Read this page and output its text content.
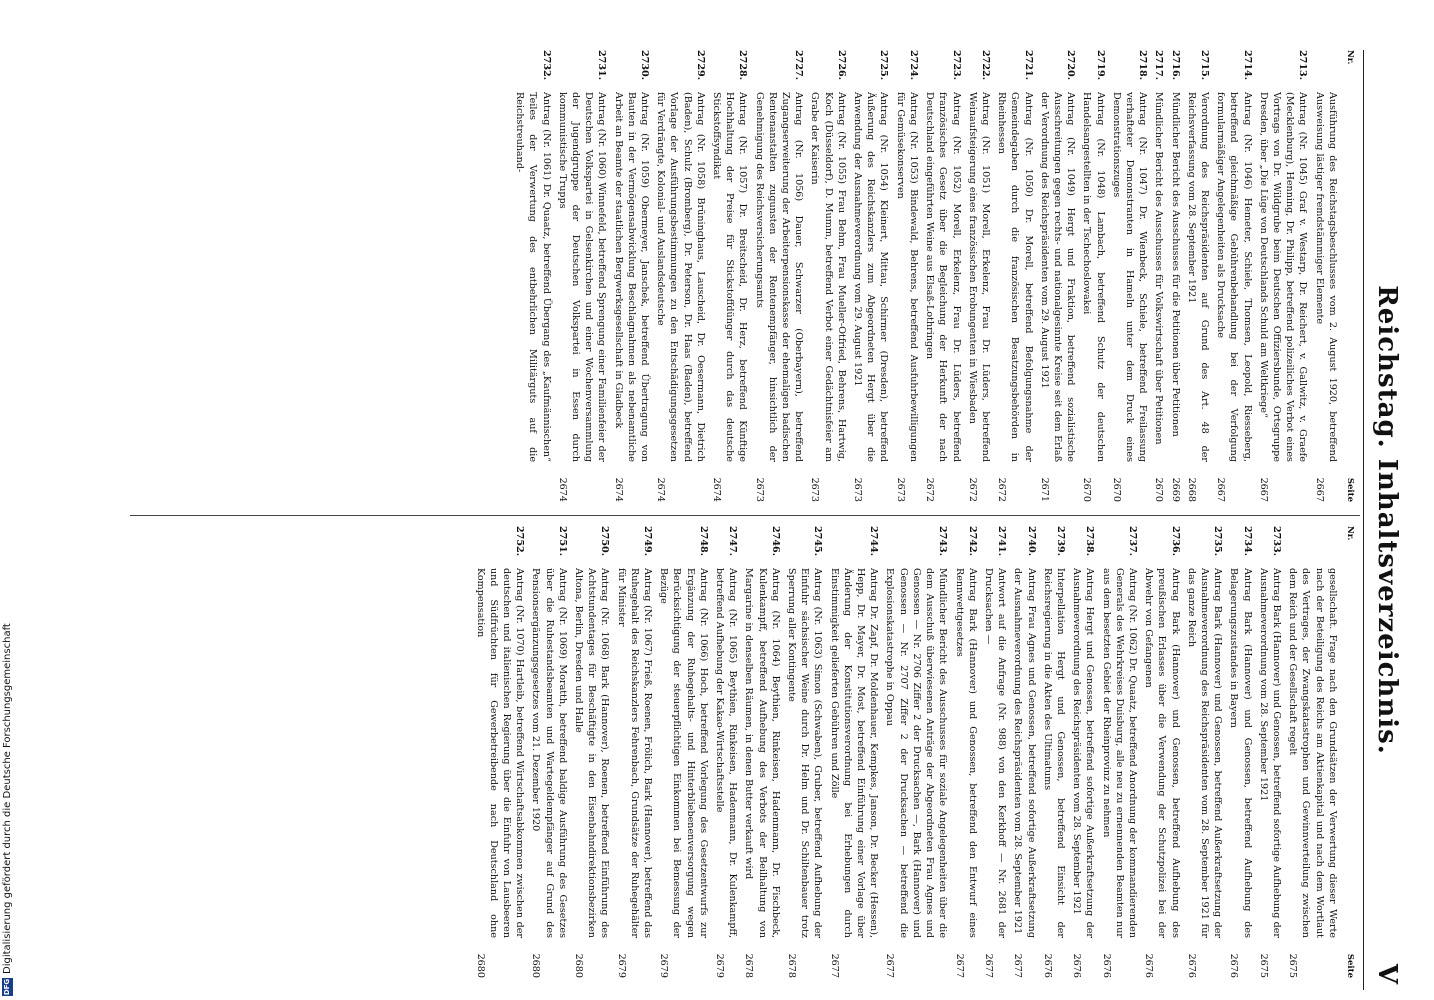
Reichstag. Inhaltsverzeichnis.
V
Nr.
Seite
Ausführung des Reichstagsbeschlusses vom 2. August 1920, betreffend Ausweisung lästiger fremdstämmiger Elemente
2667
2713.
Antrag (Nr. 1045) Graf v. Westarp, Dr. Reichert, v. Gallwitz, v. Graefe (Mecklenburg), Henning, Dr. Philipp, betreffend polizeiliches Verbot eines Vortrags von Dr. Wildgrube beim Deutschen Offiziersbunde, Ortsgruppe Dresden, über „Die Lüge von Deutschlands Schuld am Weltkriege“
2667
2714.
Antrag (Nr. 1046) Hemeter, Schiele, Thomsen, Leopold, Riesseberg, betreffend gleichmäßige Gebührenbehandlung bei der Verfolgung formularmäßiger Angelegenheiten als Drucksache
2667
2715.
Verordnung des Reichspräsidenten auf Grund des Art. 48 der Reichsverfassung vom 28. September 1921
2668
2716.
Mündlicher Bericht des Ausschusses für die Petitionen über Petitionen
2669
2717.
Mündlicher Bericht des Ausschusses für Volkswirtschaft über Petitionen
2670
2718.
Antrag (Nr. 1047) Dr. Wienbeck, Schiele, betreffend Freilassung verhafteter Demonstranten in Hameln unter dem Druck eines Demonstrationszuges
2670
2719.
Antrag (Nr. 1048) Lambach, betreffend Schutz der deutschen Handelsangestellten in der Tschechoslowakei
2670
2720.
Antrag (Nr. 1049) Hergt und Fraktion, betreffend sozialistische Ausschreitungen gegen rechts- und nationalgesinnte Kreise seit dem Erlaß der Verordnung des Reichspräsidenten vom 29. August 1921
2671
2721.
Antrag (Nr. 1050) Dr. Morell, betreffend Befolgungsnahme der Gemeindegaben durch die französischen Besatzungsbehörden in Rheinhessen
2672
2722.
Antrag (Nr. 1051) Morell, Erkelenz, Frau Dr. Lüders, betreffend Weinaufsteigerung eines französischen Erobungenten in Wiesbaden
2672
2723.
Antrag (Nr. 1052) Morell, Erkelenz, Frau Dr. Lüders, betreffend französisches Gesetz über die Begleichung der Herkunft der nach Deutschland eingeführten Weine aus Elsaß-Lothringen
2672
2724.
Antrag (Nr. 1053) Bindewald, Behrens, betreffend Ausfuhrbewilligungen für Gemüsekonserven
2673
2725.
Antrag (Nr. 1054) Kleinert, Mittau, Schirmer (Dresden), betreffend Äußerung des Reichskanzlers zum Abgeordneten Hergt über die Anwendung der Ausnahmeverordnung vom 29. August 1921
2673
2726.
Antrag (Nr. 1055) Frau Behm, Frau Mueller-Otfried, Behrens, Hartwig, Koch (Düsseldorf), D. Mumm, betreffend Verbot einer Gedächtnisfeier am Grabe der Kaiserin
2673
2727.
Antrag (Nr. 1056) Dauer, Schwarzer (Oberbayern), betreffend Zugangserweiterung der Arbeiterpensionskasse der ehemaligen badischen Rentenanstalten zugunsten der Rentenempfänger, hinsichtlich der Genehmigung des Reichsversicherungsamts
2673
2728.
Antrag (Nr. 1057) Dr. Breitscheid, Dr. Herz, betreffend Künftige Hochhaltung der Preise für Stickstoffdünger durch das deutsche Stickstoffsyndikat
2674
2729.
Antrag (Nr. 1058) Brüninghaus, Lauscheid, Dr. Oesermann, Dietrich (Baden), Schulz (Bromberg), Dr. Peterson, Dr. Haas (Baden), betreffend Vorlage der Ausführungsbestimmungen zu den Entschädigungsgesetzen für Verdrängte, Kolonial- und Auslandsdeutsche
2674
2730.
Antrag (Nr. 1059) Obermeyer, Janschek, betreffend Übertragung von Bauten in der Vermögensabwicklung Beschlagnahmen als nebenamtliche Arbeit an Beamte der staatlichen Bergwerksgesellschaft in Gladbeck
2674
2731.
Antrag (Nr. 1060) Winnefeld, betreffend Sprengung einer Familienfeier der Deutschen Volkspartei in Gelsenkirchen und einer Wochenversammlung der Jugendgruppe der Deutschen Volkspartei in Essen durch kommunistische Trupps
2674
2732.
Antrag (Nr. 1061) Dr. Quaatz, betreffend Übergang des „Kaufmännischen“ Teiles der Verwertung des entbehrlichen Militärguts auf die Reichstreuhand-
Nr.
Seite
gesellschaft. Frage nach den Grundsätzen der Verwertung dieser Werte nach der Beteiligung des Reichs am Aktienkapital und nach dem Wortlaut des Vertrages, der Zwangskatastrophen und Gewinnverteilung zwischen dem Reich und der Gesellschaft regelt
2675
2733.
Antrag Bark (Hannover) und Genossen, betreffend sofortige Aufhebung der Ausnahmeverordnung vom 28. September 1921
2675
2734.
Antrag Bark (Hannover) und Genossen, betreffend Aufhebung des Belagerungszustandes in Bayern
2676
2735.
Antrag Bark (Hannover) und Genossen, betreffend Außerkraftsetzung der Ausnahmeverordnung des Reichspräsidenten vom 28. September 1921 für das ganze Reich
2676
2736.
Antrag Bark (Hannover) und Genossen, betreffend Aufhebung des preußischen Erlasses über die Verwendung der Schutzpolizei bei der Abwehr von Gefangenen
2676
2737.
Antrag (Nr. 1062) Dr. Quaatz, betreffend Anordnung der kommandierenden Generals des Wehrkreises Duisburg, alle neu zu ernennenden Beamten nur aus dem besetzten Gebiet der Rheinprovinz zu nehmen
2676
2738.
Antrag Hergt und Genossen, betreffend sofortige Außerkraftsetzung der Ausnahmeverordnung des Reichspräsidenten vom 28. September 1921
2676
2739.
Interpellation Hergt und Genossen, betreffend Einsicht der Reichsregierung in die Akten des Ultimatums
2676
2740.
Antrag Frau Agnes und Genossen, betreffend sofortige Außerkraftsetzung der Ausnahmeverordnung des Reichspräsidenten vom 28. September 1921
2677
2741.
Antwort auf die Anfrage (Nr. 988) von den Kerkhoff — Nr. 2681 der Drucksachen —
2677
2742.
Antrag Bark (Hannover) und Genossen, betreffend den Entwurf eines Rennwettgesetzes
2677
2743.
Mündlicher Bericht des Ausschusses für soziale Angelegenheiten über die dem Ausschuß überwiesenen Anträge der Abgeordneten Frau Agnes und Genossen — Nr. 2706 Ziffer 2 der Drucksachen —, Bark (Hannover) und Genossen — Nr. 2707 Ziffer 2 der Drucksachen — betreffend die Explosionskatastrophe in Oppau
2677
2744.
Antrag Dr. Zapf, Dr. Moldenhauer, Kempkes, Janson, Dr. Becker (Hessen), Hepp, Dr. Mayer, Dr. Most, betreffend Einführung einer Vorlage über Änderung der Konstitutionsverordnung bei Erhebungen durch Einstimmigkeit gelieferten Gebühren und Zölle
2677
2745.
Antrag (Nr. 1063) Simon (Schwaben), Gruber, betreffend Aufhebung der Einfuhr sächsischer Weine durch Dr. Helm und Dr. Schiltenbauer trotz Sperrung aller Kontingente
2678
2746.
Antrag (Nr. 1064) Beythien, Rinkeisen, Hadenmann, Dr. Fischbeck, Kulenkampff, betreffend Aufhebung des Verbots der Beilhaltung von Margarine in denselben Räumen, in denen Butter verkauft wird
2678
2747.
Antrag (Nr. 1065) Beythien, Rinkeisen, Hadenmann, Dr. Kulenkampff, betreffend Aufhebung der Kakao-Wirtschaftsstelle
2679
2748.
Antrag (Nr. 1066) Hoch, betreffend Vorlegung des Gesetzentwurfs zur Ergänzung der Ruhegehalts- und Hinterbliebenenversorgung wegen Berücksichtigung der steuerpflichtigen Einkommen bei Bemessung der Bezüge
2679
2749.
Antrag (Nr. 1067) Frieß, Roenen, Frölich, Bark (Hannover), betreffend das Ruhegehalt des Reichskanzlers Fehrenbach, Grundsätze der Ruhegehälter für Minister
2679
2750.
Antrag (Nr. 1068) Bark (Hannover), Roenen, betreffend Einführung des Achtstundentages für Beschäftigte in den Eisenbahndirektionsbezirken Altona, Berlin, Dresden und Halle
2680
2751.
Antrag (Nr. 1069) Moratth, betreffend baldige Ausführung des Gesetzes über die Ruhestandsbeamten und Wartegeldempfänger auf Grund des Pensionsergänzungsgesetzes vom 21. Dezember 1920
2680
2752.
Antrag (Nr. 1070) Hartleib, betreffend Wirtschaftsabkommen zwischen der deutschen und italienischen Regierung über die Einfuhr von Lausbeeren und Südfrüchten für Gewerbetreibende nach Deutschland ohne Kompensation
2680
DFG
Digitalisierung gefördert durch die Deutsche Forschungsgemeinschaft
